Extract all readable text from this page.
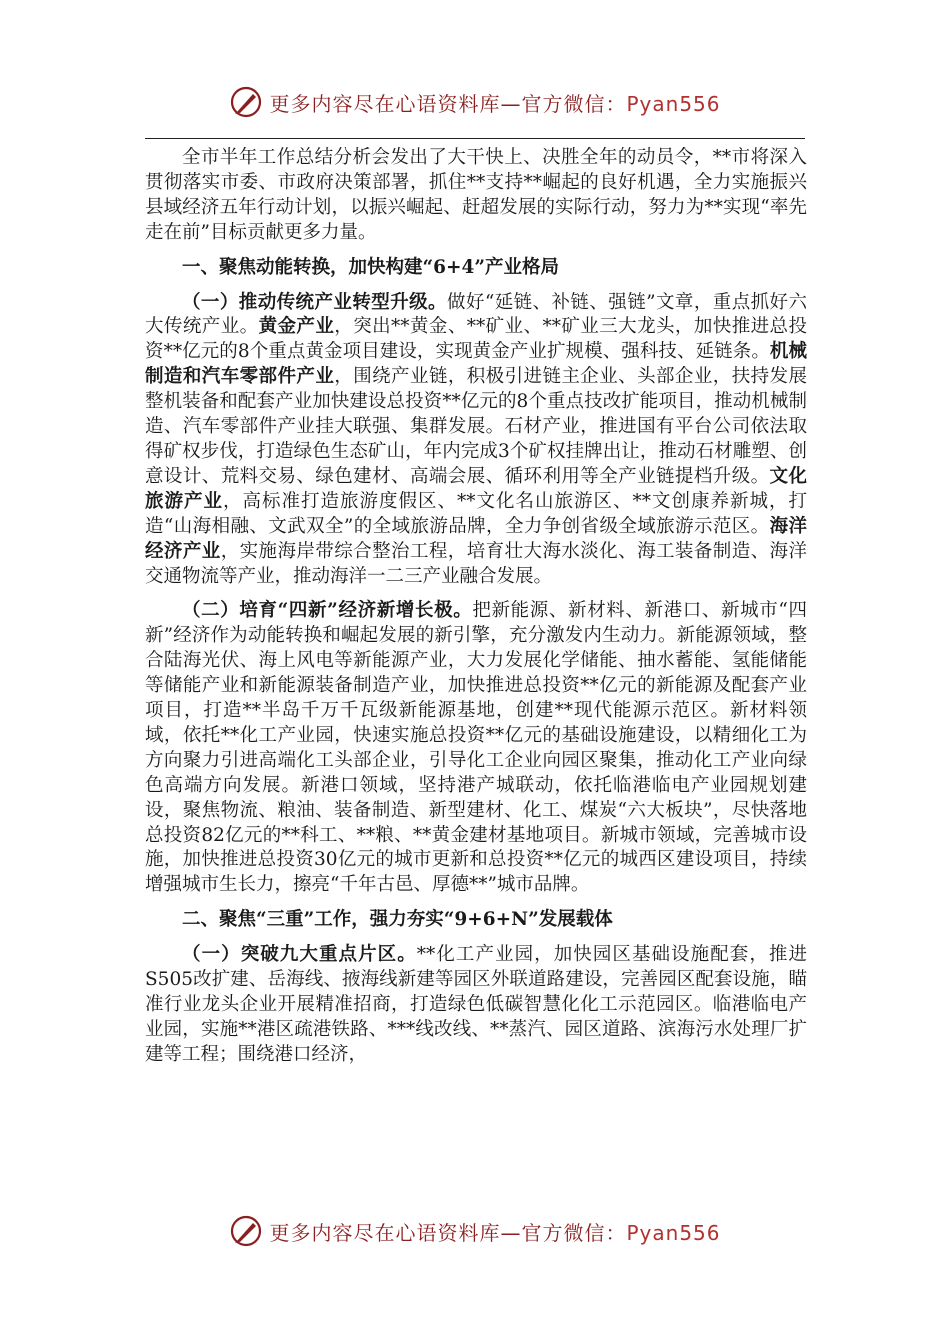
更多内容尽在心语资料库—官方微信：Pyan556

全市半年工作总结分析会发出了大干快上、决胜全年的动员令，**市将深入贯彻落实市委、市政府决策部署，抓住**支持**崛起的良好机遇，全力实施振兴县域经济五年行动计划，以振兴崛起、赶超发展的实际行动，努力为**实现“率先走在前”目标贡献更多力量。

一、聚焦动能转换，加快构建“6+4”产业格局

（一）推动传统产业转型升级。做好“延链、补链、强链”文章，重点抓好六大传统产业。黄金产业，突出**黄金、**矿业、**矿业三大龙头，加快推进总投资**亿元的8个重点黄金项目建设，实现黄金产业扩规模、强科技、延链条。机械制造和汽车零部件产业，围绕产业链，积极引进链主企业、头部企业，扶持发展整机装备和配套产业加快建设总投资**亿元的8个重点技改扩能项目，推动机械制造、汽车零部件产业挂大联强、集群发展。石材产业，推进国有平台公司依法取得矿权步伐，打造绿色生态矿山，年内完成3个矿权挂牌出让，推动石材雕塑、创意设计、荒料交易、绿色建材、高端会展、循环利用等全产业链提档升级。文化旅游产业，高标准打造旅游度假区、**文化名山旅游区、**文创康养新城，打造“山海相融、文武双全”的全域旅游品牌，全力争创省级全域旅游示范区。海洋经济产业，实施海岸带综合整治工程，培育壮大海水淡化、海工装备制造、海洋交通物流等产业，推动海洋一二三产业融合发展。

（二）培育“四新”经济新增长极。把新能源、新材料、新港口、新城市“四新”经济作为动能转换和崛起发展的新引擎，充分激发内生动力。新能源领域，整合陆海光伏、海上风电等新能源产业，大力发展化学储能、抽水蓄能、氢能储能等储能产业和新能源装备制造产业，加快推进总投资**亿元的新能源及配套产业项目，打造**半岛千万千瓦级新能源基地，创建**现代能源示范区。新材料领域，依托**化工产业园，快速实施总投资**亿元的基础设施建设，以精细化工为方向聚力引进高端化工头部企业，引导化工企业向园区聚集，推动化工产业向绿色高端方向发展。新港口领域，坚持港产城联动，依托临港临电产业园规划建设，聚焦物流、粮油、装备制造、新型建材、化工、煤炭“六大板块”，尽快落地总投资82亿元的**科工、**粮、**黄金建材基地项目。新城市领域，完善城市设施，加快推进总投资30亿元的城市更新和总投资**亿元的城西区建设项目，持续增强城市生长力，擦亮“千年古邑、厚德**”城市品牌。

二、聚焦“三重”工作，强力夯实“9+6+N”发展载体

（一）突破九大重点片区。**化工产业园，加快园区基础设施配套，推进S505改扩建、岳海线、掖海线新建等园区外联道路建设，完善园区配套设施，瞄准行业龙头企业开展精准招商，打造绿色低碳智慧化化工示范园区。临港临电产业园，实施**港区疏港铁路、***线改线、**蒸汽、园区道路、滨海污水处理厂扩建等工程；围绕港口经济，

更多内容尽在心语资料库—官方微信：Pyan556
